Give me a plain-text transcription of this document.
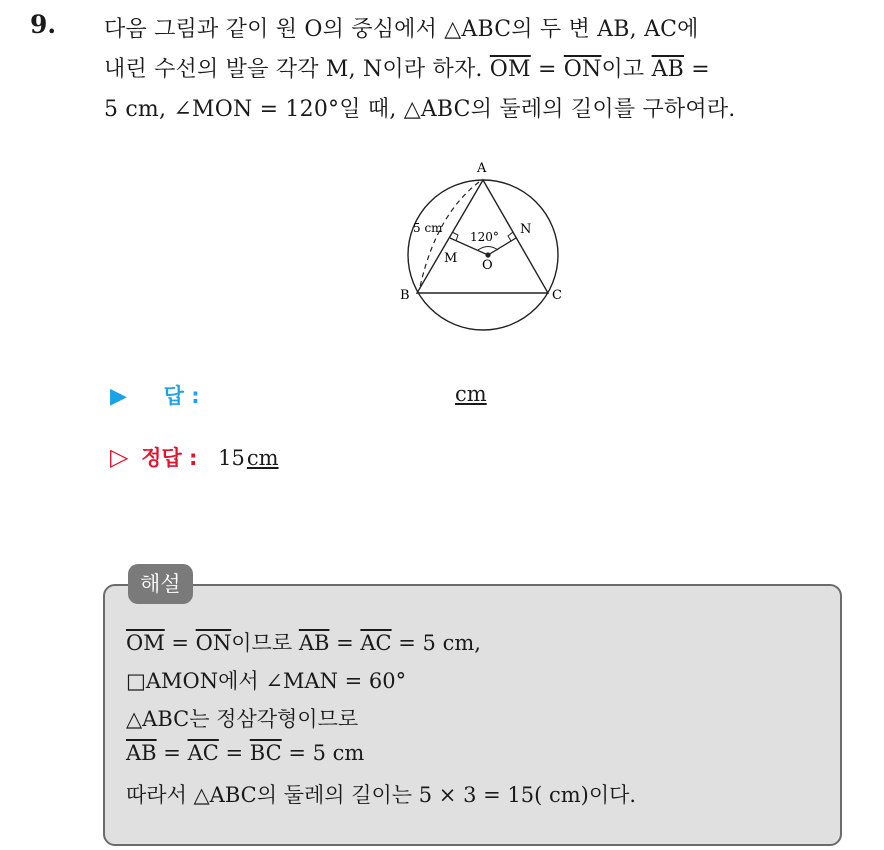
9. 다음 그림과 같이 원 O의 중심에서 △ABC의 두 변 AB, AC에
내린 수선의 발을 각각 M, N이라 하자. $\overline{OM} = \overline{ON}$이고 $\overline{AB}$ =
5 cm, ∠MON = 120°일 때, △ABC의 둘레의 길이를 구하여라.
A
B	C
M
N
O
5 cm
120°
▶ 답 :	cm
▷ 정답 : 15cm
해설
$\overline{OM} = \overline{ON}$이므로 $\overline{AB} = \overline{AC} = 5$ cm,
□AMON에서 ∠MAN = 60°
△ABC는 정삼각형이므로
$\overline{AB} = \overline{AC} = \overline{BC} = 5$ cm
따라서 △ABC의 둘레의 길이는 5 × 3 = 15( cm)이다.
